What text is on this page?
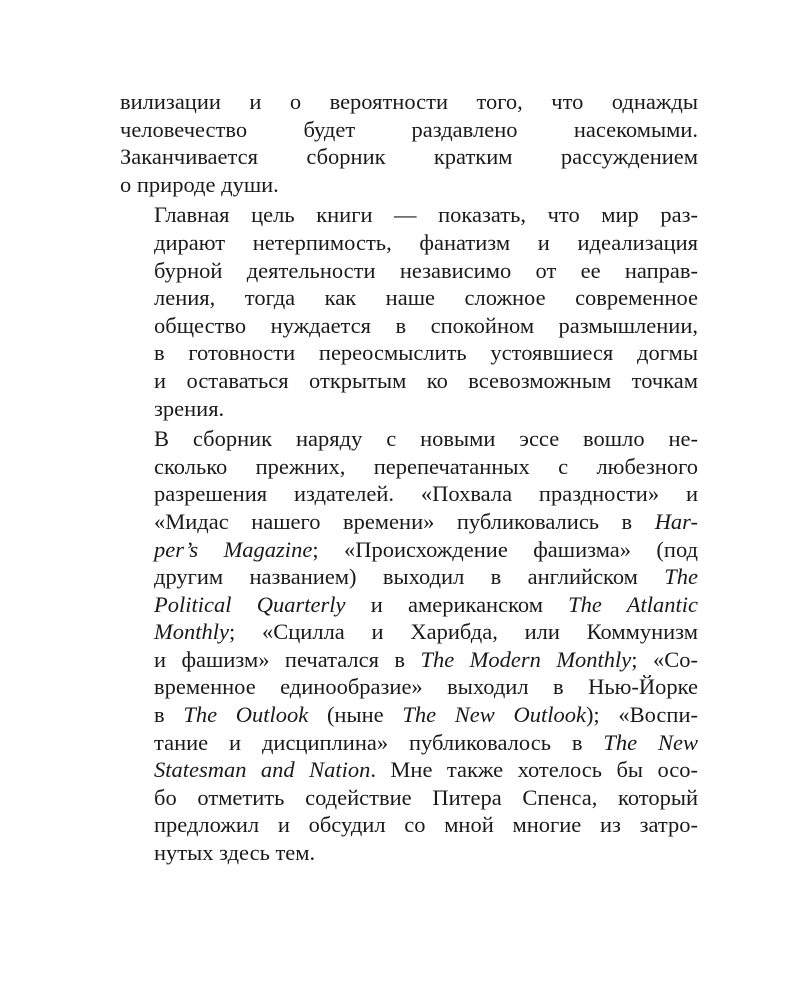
вилизации и о вероятности того, что однажды
человечество будет раздавлено насекомыми.
Заканчивается сборник кратким рассуждением
о природе души.

Главная цель книги — показать, что мир раз-
дирают нетерпимость, фанатизм и идеализация
бурной деятельности независимо от ее направ-
ления, тогда как наше сложное современное
общество нуждается в спокойном размышлении,
в готовности переосмыслить устоявшиеся догмы
и оставаться открытым ко всевозможным точкам
зрения.

В сборник наряду с новыми эссе вошло не-
сколько прежних, перепечатанных с любезного
разрешения издателей. «Похвала праздности» и
«Мидас нашего времени» публиковались в Har-
per’s Magazine; «Происхождение фашизма» (под
другим названием) выходил в английском The
Political Quarterly и американском The Atlantic
Monthly; «Сцилла и Харибда, или Коммунизм
и фашизм» печатался в The Modern Monthly; «Со-
временное единообразие» выходил в Нью-Йорке
в The Outlook (ныне The New Outlook); «Воспи-
тание и дисциплина» публиковалось в The New
Statesman and Nation. Мне также хотелось бы осо-
бо отметить содействие Питера Спенса, который
предложил и обсудил со мной многие из затро-
нутых здесь тем.
